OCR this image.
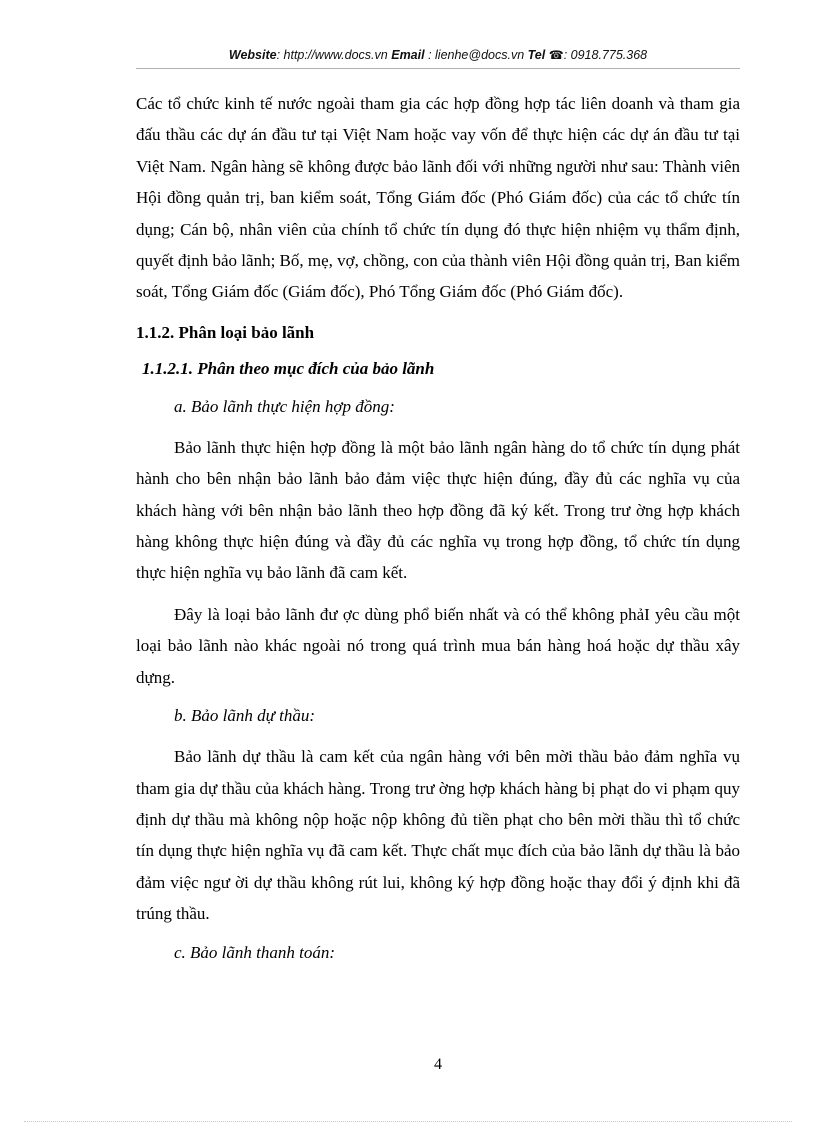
Website: http://www.docs.vn Email : lienhe@docs.vn Tel ☎: 0918.775.368

Các tổ chức kinh tế nước ngoài tham gia các hợp đồng hợp tác liên doanh và tham gia đấu thầu các dự án đầu tư tại Việt Nam hoặc vay vốn để thực hiện các dự án đầu tư tại Việt Nam. Ngân hàng sẽ không được bảo lãnh đối với những người như sau: Thành viên Hội đồng quản trị, ban kiểm soát, Tổng Giám đốc (Phó Giám đốc) của các tổ chức tín dụng; Cán bộ, nhân viên của chính tổ chức tín dụng đó thực hiện nhiệm vụ thẩm định, quyết định bảo lãnh; Bố, mẹ, vợ, chồng, con của thành viên Hội đồng quản trị, Ban kiểm soát, Tổng Giám đốc (Giám đốc), Phó Tổng Giám đốc (Phó Giám đốc).

1.1.2. Phân loại bảo lãnh
1.1.2.1. Phân theo mục đích của bảo lãnh
a. Bảo lãnh thực hiện hợp đồng:

Bảo lãnh thực hiện hợp đồng là một bảo lãnh ngân hàng do tổ chức tín dụng phát hành cho bên nhận bảo lãnh bảo đảm việc thực hiện đúng, đầy đủ các nghĩa vụ của khách hàng với bên nhận bảo lãnh theo hợp đồng đã ký kết. Trong trư ờng hợp khách hàng không thực hiện đúng và đầy đủ các nghĩa vụ trong hợp đồng, tổ chức tín dụng thực hiện nghĩa vụ bảo lãnh đã cam kết.

Đây là loại bảo lãnh đư ợc dùng phổ biến nhất và có thể không phảI yêu cầu một loại bảo lãnh nào khác ngoài nó trong quá trình mua bán hàng hoá hoặc dự thầu xây dựng.

b. Bảo lãnh dự thầu:

Bảo lãnh dự thầu là cam kết của ngân hàng với bên mời thầu bảo đảm nghĩa vụ tham gia dự thầu của khách hàng. Trong trư ờng hợp khách hàng bị phạt do vi phạm quy định dự thầu mà không nộp hoặc nộp không đủ tiền phạt cho bên mời thầu thì tổ chức tín dụng thực hiện nghĩa vụ đã cam kết. Thực chất mục đích của bảo lãnh dự thầu là bảo đảm việc ngư ời dự thầu không rút lui, không ký hợp đồng hoặc thay đổi ý định khi đã trúng thầu.

c. Bảo lãnh thanh toán:
4
